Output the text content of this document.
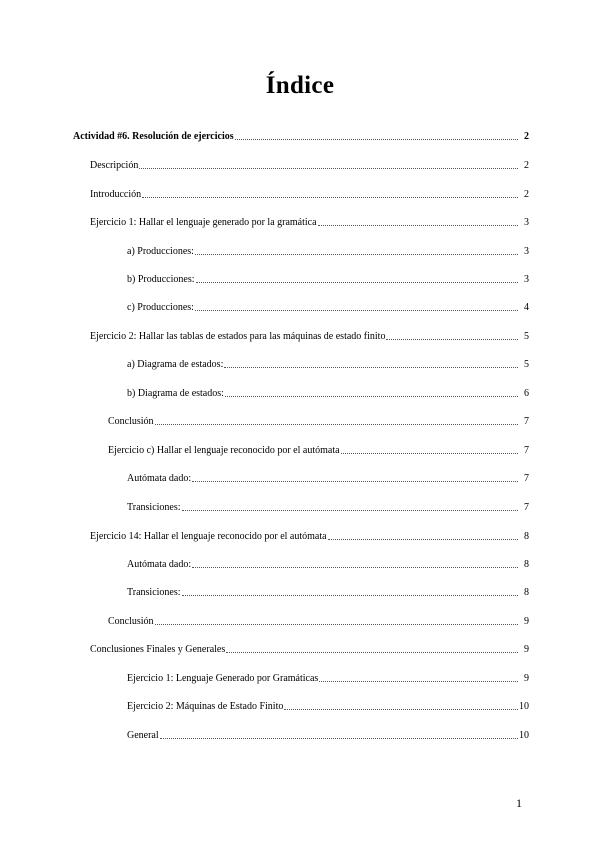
Índice
Actividad #6. Resolución de ejercicios	2
Descripción	2
Introducción	2
Ejercicio 1: Hallar el lenguaje generado por la gramática	3
a) Producciones:	3
b) Producciones:	3
c) Producciones:	4
Ejercicio 2: Hallar las tablas de estados para las máquinas de estado finito	5
a) Diagrama de estados:	5
b) Diagrama de estados:	6
Conclusión	7
Ejercicio c) Hallar el lenguaje reconocido por el autómata	7
Autómata dado:	7
Transiciones:	7
Ejercicio 14: Hallar el lenguaje reconocido por el autómata	8
Autómata dado:	8
Transiciones:	8
Conclusión	9
Conclusiones Finales y Generales	9
Ejercicio 1: Lenguaje Generado por Gramáticas	9
Ejercicio 2: Máquinas de Estado Finito	10
General	10
1
